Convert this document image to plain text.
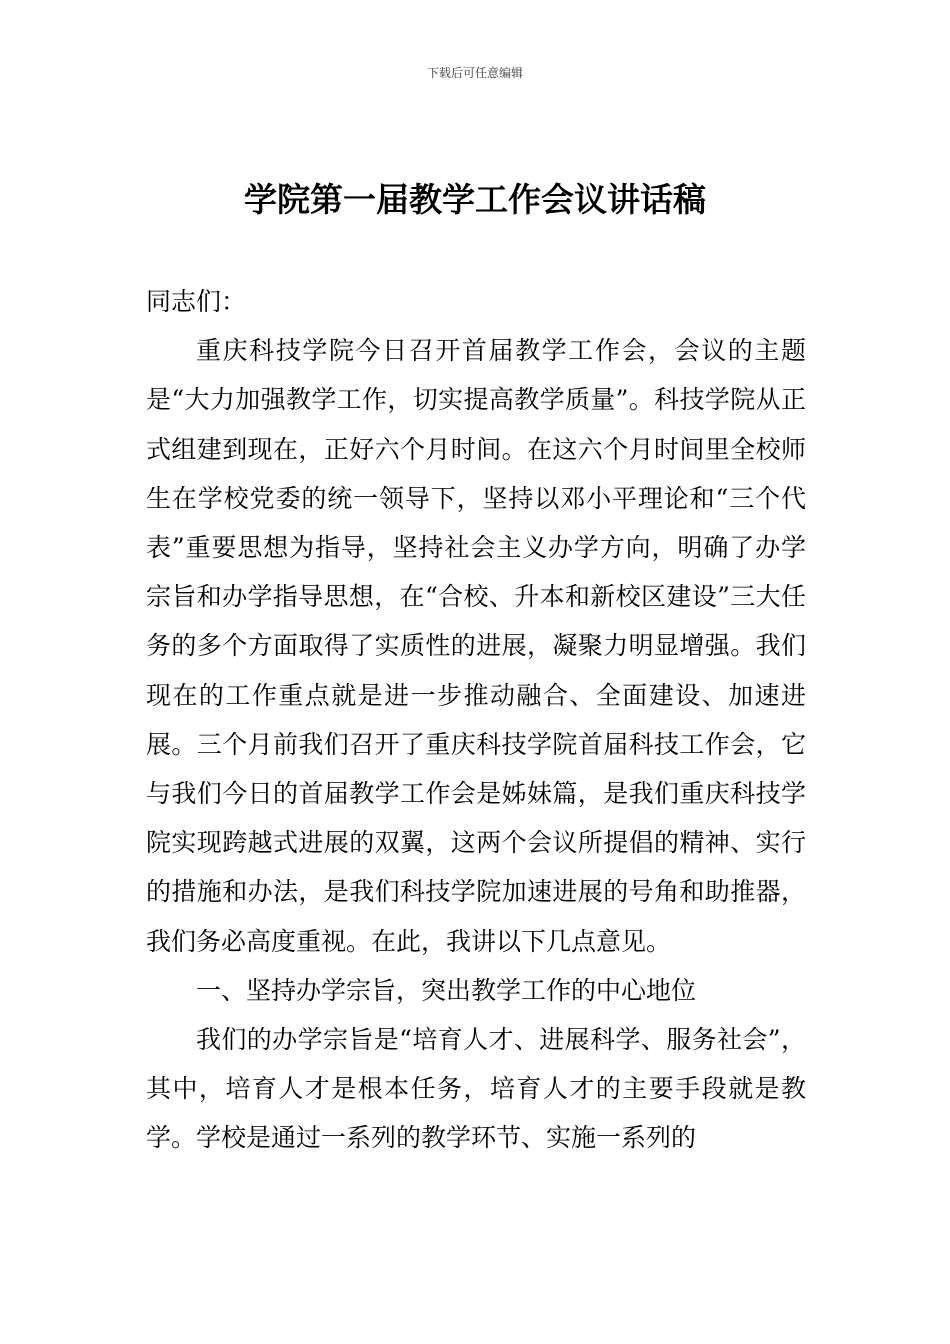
下载后可任意编辑
学院第一届教学工作会议讲话稿

同志们：

重庆科技学院今日召开首届教学工作会，会议的主题是“大力加强教学工作，切实提高教学质量”。科技学院从正式组建到现在，正好六个月时间。在这六个月时间里全校师生在学校党委的统一领导下，坚持以邓小平理论和“三个代表”重要思想为指导，坚持社会主义办学方向，明确了办学宗旨和办学指导思想，在“合校、升本和新校区建设”三大任务的多个方面取得了实质性的进展，凝聚力明显增强。我们现在的工作重点就是进一步推动融合、全面建设、加速进展。三个月前我们召开了重庆科技学院首届科技工作会，它与我们今日的首届教学工作会是姊妹篇，是我们重庆科技学院实现跨越式进展的双翼，这两个会议所提倡的精神、实行的措施和办法，是我们科技学院加速进展的号角和助推器，我们务必高度重视。在此，我讲以下几点意见。

一、坚持办学宗旨，突出教学工作的中心地位

我们的办学宗旨是“培育人才、进展科学、服务社会”，其中，培育人才是根本任务，培育人才的主要手段就是教学。学校是通过一系列的教学环节、实施一系列的
